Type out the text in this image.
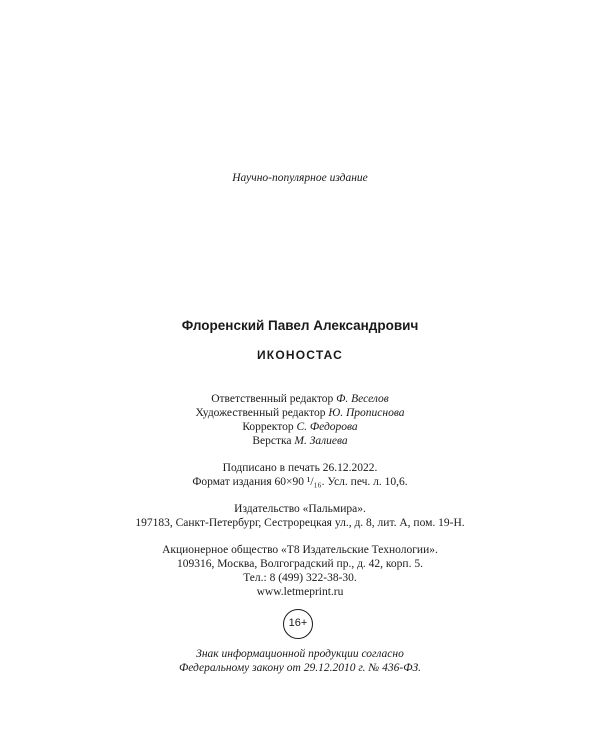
Научно-популярное издание
Флоренский Павел Александрович
ИКОНОСТАС
Ответственный редактор Ф. Веселов
Художественный редактор Ю. Прописнова
Корректор С. Федорова
Верстка М. Залиева
Подписано в печать 26.12.2022.
Формат издания 60×90 ¹/₁₆. Усл. печ. л. 10,6.
Издательство «Пальмира».
197183, Санкт-Петербург, Сестрорецкая ул., д. 8, лит. А, пом. 19-Н.
Акционерное общество «Т8 Издательские Технологии».
109316, Москва, Волгоградский пр., д. 42, корп. 5.
Тел.: 8 (499) 322-38-30.
www.letmeprint.ru
16+
Знак информационной продукции согласно
Федеральному закону от 29.12.2010 г. № 436-ФЗ.
